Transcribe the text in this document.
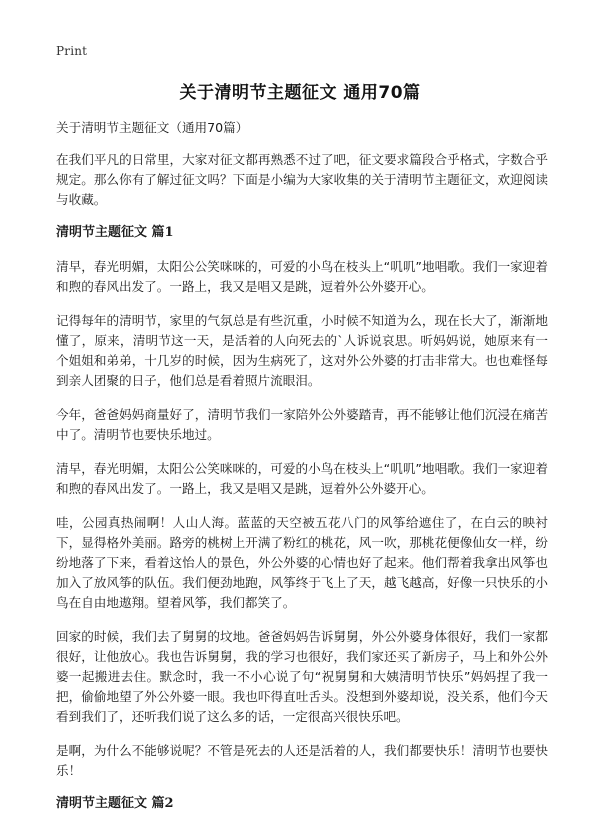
Print
关于清明节主题征文 通用70篇
关于清明节主题征文（通用70篇）

在我们平凡的日常里，大家对征文都再熟悉不过了吧，征文要求篇段合乎格式，字数合乎规定。那么你有了解过征文吗？下面是小编为大家收集的关于清明节主题征文，欢迎阅读与收藏。

清明节主题征文 篇1

清早，春光明媚，太阳公公笑咪咪的，可爱的小鸟在枝头上“叽叽”地唱歌。我们一家迎着和煦的春风出发了。一路上，我又是唱又是跳，逗着外公外婆开心。

记得每年的清明节，家里的气氛总是有些沉重，小时候不知道为么，现在长大了，渐渐地懂了，原来，清明节这一天，是活着的人向死去的`人诉说哀思。听妈妈说，她原来有一个姐姐和弟弟，十几岁的时候，因为生病死了，这对外公外婆的打击非常大。也也难怪每到亲人团聚的日子，他们总是看着照片流眼泪。

今年，爸爸妈妈商量好了，清明节我们一家陪外公外婆踏青，再不能够让他们沉浸在痛苦中了。清明节也要快乐地过。

清早，春光明媚，太阳公公笑咪咪的，可爱的小鸟在枝头上“叽叽”地唱歌。我们一家迎着和煦的春风出发了。一路上，我又是唱又是跳，逗着外公外婆开心。

哇，公园真热闹啊！人山人海。蓝蓝的天空被五花八门的风筝给遮住了，在白云的映衬下，显得格外美丽。路旁的桃树上开满了粉红的桃花，风一吹，那桃花便像仙女一样，纷纷地落了下来，看着这怡人的景色，外公外婆的心情也好了起来。他们帮着我拿出风筝也加入了放风筝的队伍。我们便劲地跑，风筝终于飞上了天，越飞越高，好像一只快乐的小鸟在自由地遨翔。望着风筝，我们都笑了。

回家的时候，我们去了舅舅的坟地。爸爸妈妈告诉舅舅，外公外婆身体很好，我们一家都很好，让他放心。我也告诉舅舅，我的学习也很好，我们家还买了新房子，马上和外公外婆一起搬进去住。默念时，我一不小心说了句“祝舅舅和大姨清明节快乐”妈妈捏了我一把，偷偷地望了外公外婆一眼。我也吓得直吐舌头。没想到外婆却说，没关系，他们今天看到我们了，还听我们说了这么多的话，一定很高兴很快乐吧。

是啊，为什么不能够说呢？不管是死去的人还是活着的人，我们都要快乐！清明节也要快乐！

清明节主题征文 篇2
